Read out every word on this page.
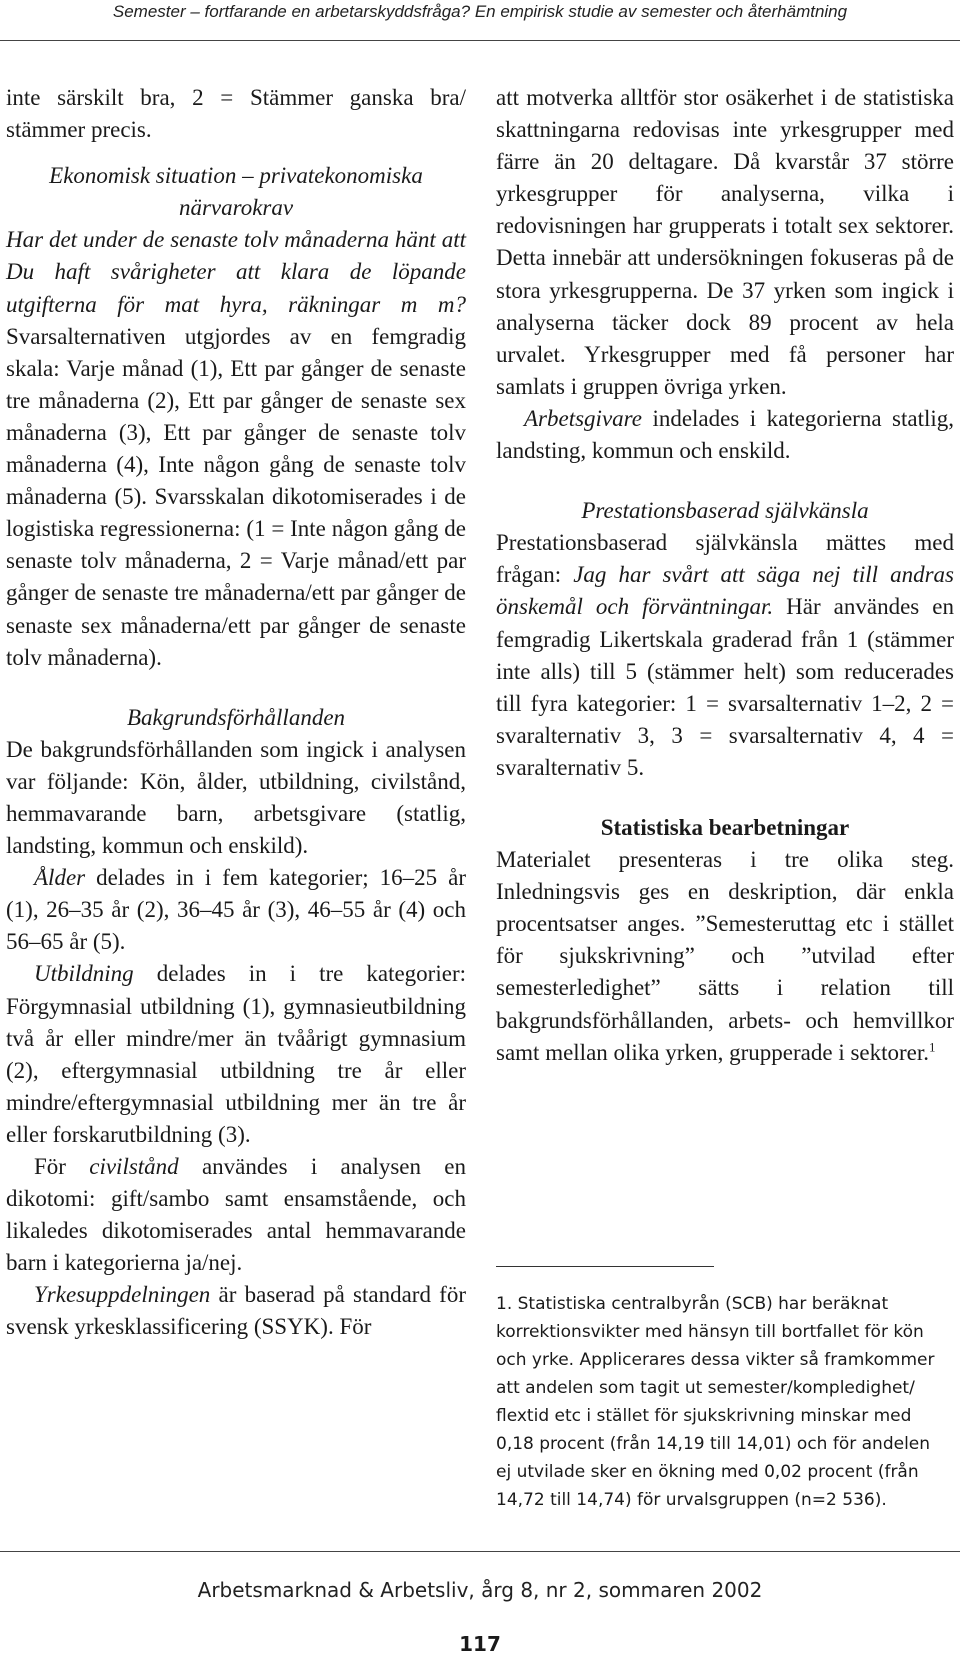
Semester – fortfarande en arbetarskyddsfråga? En empirisk studie av semester och återhämtning

inte särskilt bra, 2 = Stämmer ganska bra/ stämmer precis.

Ekonomisk situation – privatekonomiska närvarokrav

Har det under de senaste tolv månaderna hänt att Du haft svårigheter att klara de löpande utgifterna för mat hyra, räkningar m m? Svarsalternativen utgjordes av en femgradig skala: Varje månad (1), Ett par gånger de senaste tre månaderna (2), Ett par gånger de senaste sex månaderna (3), Ett par gånger de senaste tolv månaderna (4), Inte någon gång de senaste tolv månaderna (5). Svarsskalan dikotomiserades i de logistiska regressionerna: (1 = Inte någon gång de senaste tolv månaderna, 2 = Varje månad/ett par gånger de senaste tre månaderna/ett par gånger de senaste sex månaderna/ett par gånger de senaste tolv månaderna).

Bakgrundsförhållanden

De bakgrundsförhållanden som ingick i analysen var följande: Kön, ålder, utbildning, civilstånd, hemmavarande barn, arbetsgivare (statlig, landsting, kommun och enskild).

Ålder delades in i fem kategorier; 16–25 år (1), 26–35 år (2), 36–45 år (3), 46–55 år (4) och 56–65 år (5).

Utbildning delades in i tre kategorier: Förgymnasial utbildning (1), gymnasieutbildning två år eller mindre/mer än tvåårigt gymnasium (2), eftergymnasial utbildning tre år eller mindre/eftergymnasial utbildning mer än tre år eller forskarutbildning (3).

För civilstånd användes i analysen en dikotomi: gift/sambo samt ensamstående, och likaledes dikotomiserades antal hemmavarande barn i kategorierna ja/nej.

Yrkesuppdelningen är baserad på standard för svensk yrkesklassificering (SSYK). För

att motverka alltför stor osäkerhet i de statistiska skattningarna redovisas inte yrkesgrupper med färre än 20 deltagare. Då kvarstår 37 större yrkesgrupper för analyserna, vilka i redovisningen har grupperats i totalt sex sektorer. Detta innebär att undersökningen fokuseras på de stora yrkesgrupperna. De 37 yrken som ingick i analyserna täcker dock 89 procent av hela urvalet. Yrkesgrupper med få personer har samlats i gruppen övriga yrken.

Arbetsgivare indelades i kategorierna statlig, landsting, kommun och enskild.

Prestationsbaserad självkänsla

Prestationsbaserad självkänsla mättes med frågan: Jag har svårt att säga nej till andras önskemål och förväntningar. Här användes en femgradig Likertskala graderad från 1 (stämmer inte alls) till 5 (stämmer helt) som reducerades till fyra kategorier: 1 = svarsalternativ 1–2, 2 = svaralternativ 3, 3 = svarsalternativ 4, 4 = svaralternativ 5.

Statistiska bearbetningar

Materialet presenteras i tre olika steg. Inledningsvis ges en deskription, där enkla procentsatser anges. ”Semesteruttag etc i stället för sjukskrivning” och ”utvilad efter semesterledighet” sätts i relation till bakgrundsförhållanden, arbets- och hemvillkor samt mellan olika yrken, grupperade i sektorer.$^1$

1. Statistiska centralbyrån (SCB) har beräknat korrektionsvikter med hänsyn till bortfallet för kön och yrke. Applicerares dessa vikter så framkommer att andelen som tagit ut semester/kompledighet/ flextid etc i stället för sjukskrivning minskar med 0,18 procent (från 14,19 till 14,01) och för andelen ej utvilade sker en ökning med 0,02 procent (från 14,72 till 14,74) för urvalsgruppen (n=2 536).
Arbetsmarknad & Arbetsliv, årg 8, nr 2, sommaren 2002
117
